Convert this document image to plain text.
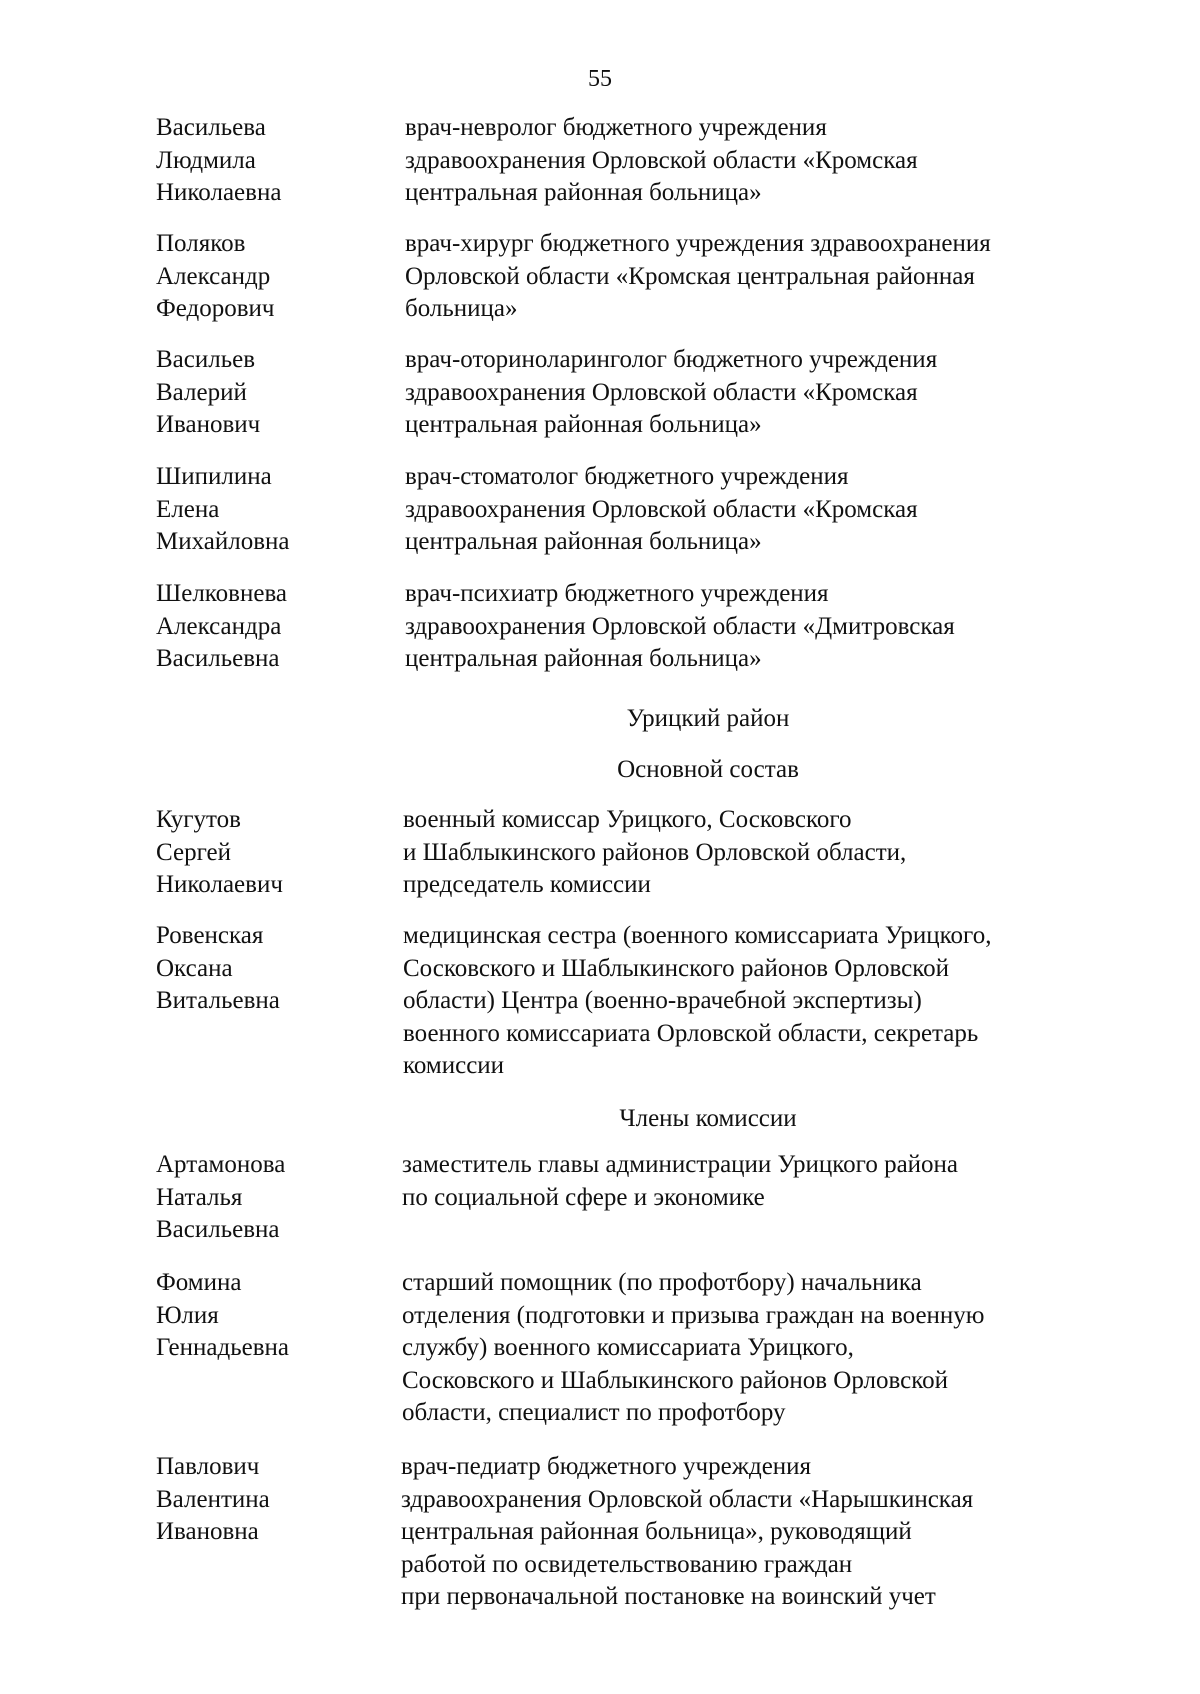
55
Васильева
Людмила
Николаевна
врач-невролог бюджетного учреждения
здравоохранения Орловской области «Кромская
центральная районная больница»
Поляков
Александр
Федорович
врач-хирург бюджетного учреждения здравоохранения
Орловской области «Кромская центральная районная
больница»
Васильев
Валерий
Иванович
врач-оториноларинголог бюджетного учреждения
здравоохранения Орловской области «Кромская
центральная районная больница»
Шипилина
Елена
Михайловна
врач-стоматолог бюджетного учреждения
здравоохранения Орловской области «Кромская
центральная районная больница»
Шелковнева
Александра
Васильевна
врач-психиатр бюджетного учреждения
здравоохранения Орловской области «Дмитровская
центральная районная больница»
Урицкий район
Основной состав
Кугутов
Сергей
Николаевич
военный комиссар Урицкого, Сосковского
и Шаблыкинского районов Орловской области,
председатель комиссии
Ровенская
Оксана
Витальевна
медицинская сестра (военного комиссариата Урицкого,
Сосковского и Шаблыкинского районов Орловской
области) Центра (военно-врачебной экспертизы)
военного комиссариата Орловской области, секретарь
комиссии
Члены комиссии
Артамонова
Наталья
Васильевна
заместитель главы администрации Урицкого района
по социальной сфере и экономике
Фомина
Юлия
Геннадьевна
старший помощник (по профотбору) начальника
отделения (подготовки и призыва граждан на военную
службу) военного комиссариата Урицкого,
Сосковского и Шаблыкинского районов Орловской
области, специалист по профотбору
Павлович
Валентина
Ивановна
врач-педиатр бюджетного учреждения
здравоохранения Орловской области «Нарышкинская
центральная районная больница», руководящий
работой по освидетельствованию граждан
при первоначальной постановке на воинский учет
